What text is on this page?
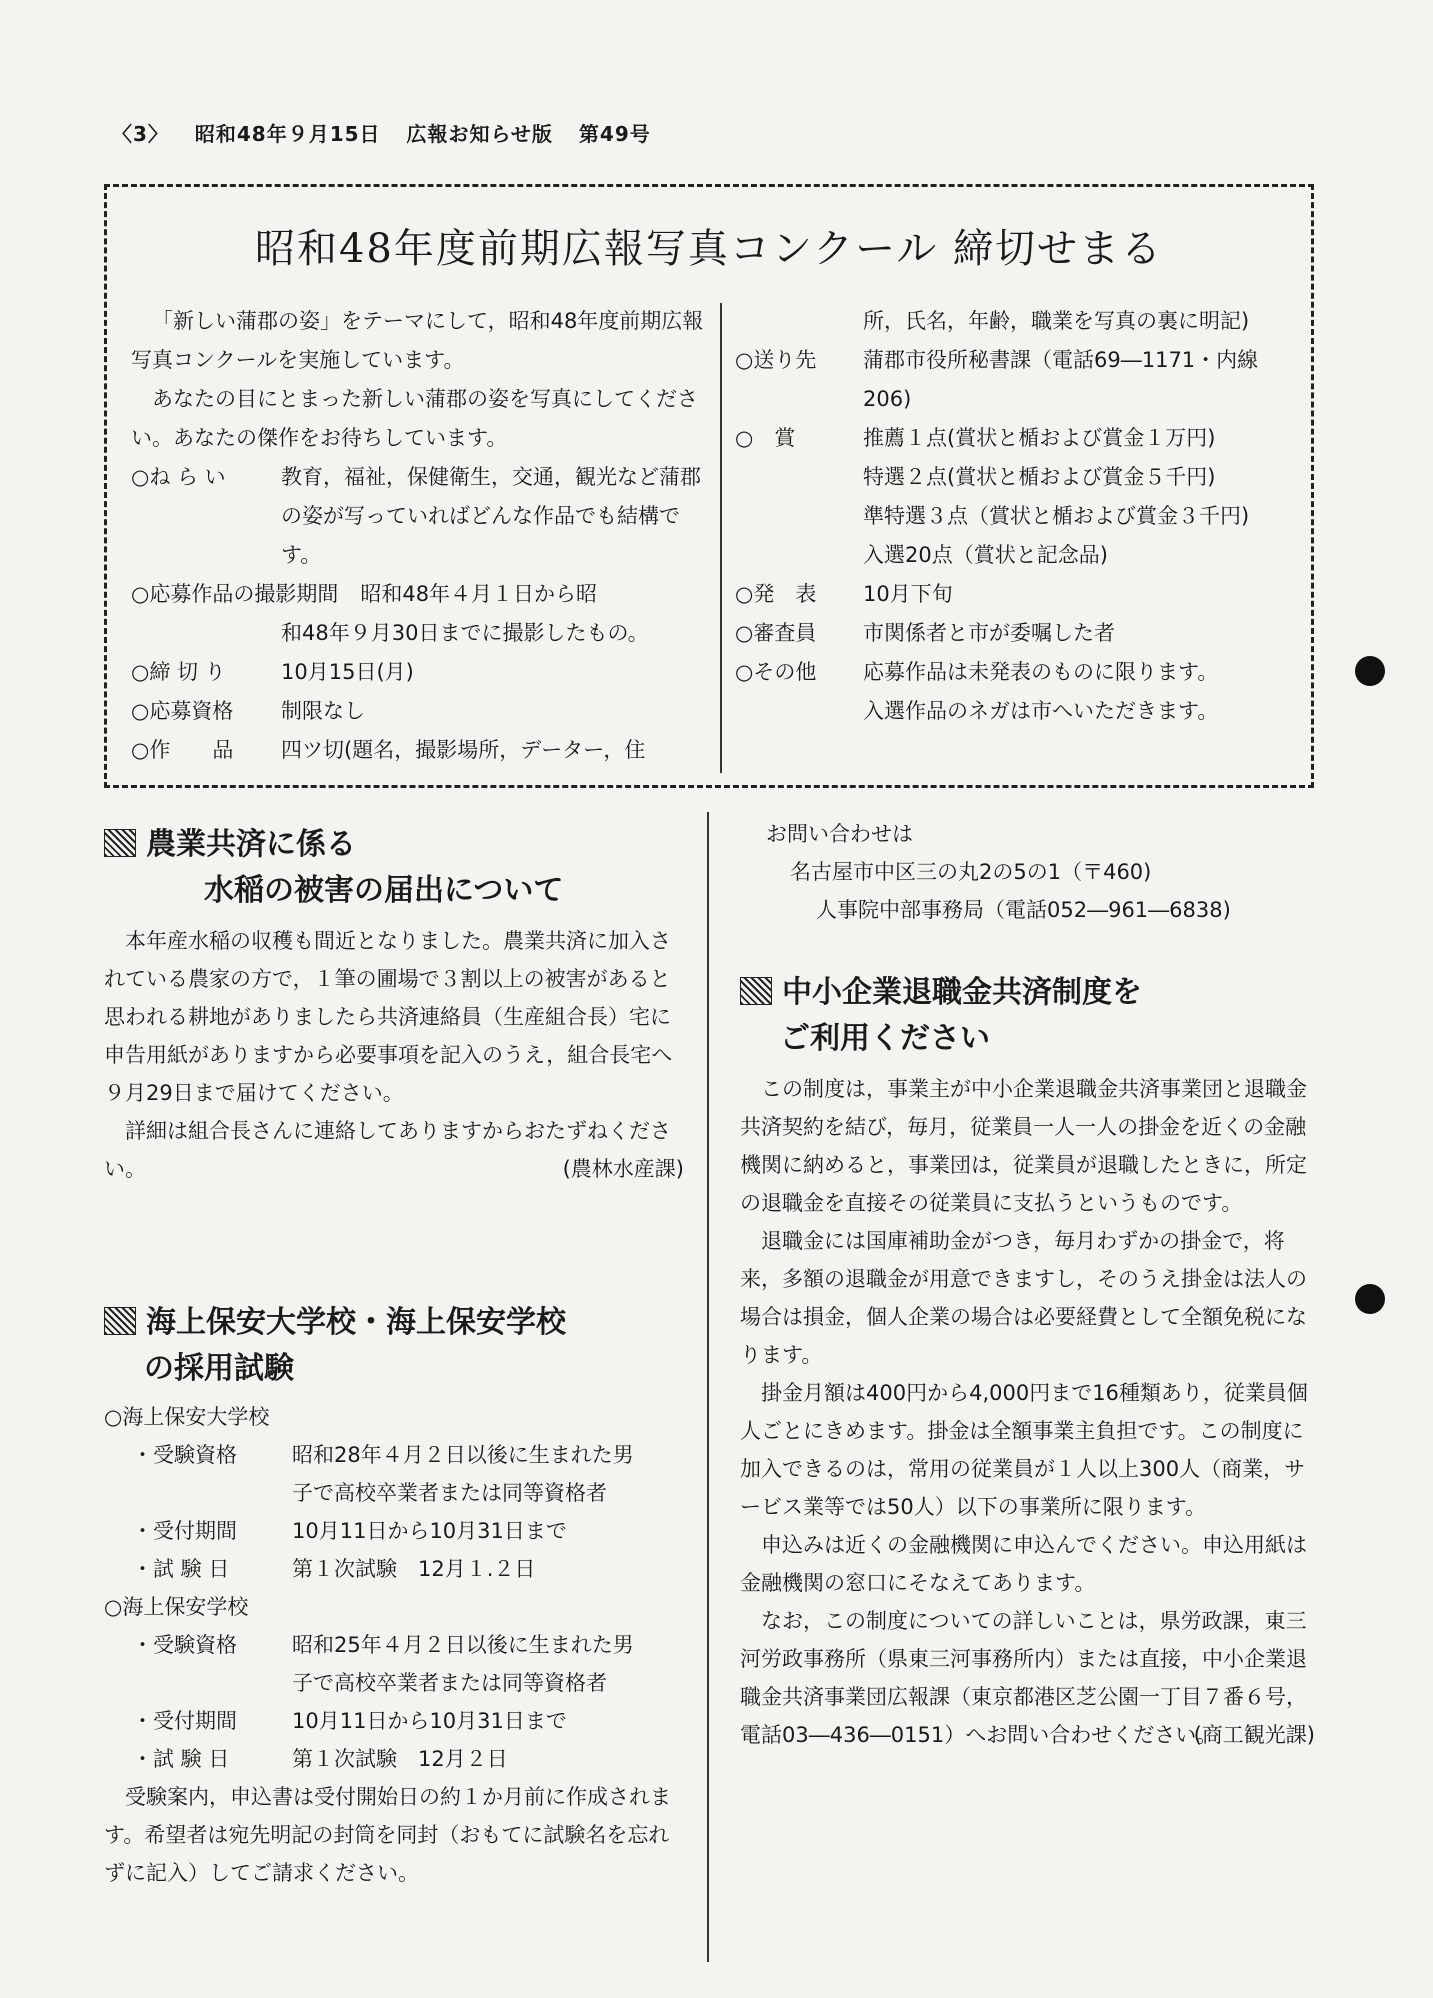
〈3〉 昭和48年９月15日 広報お知らせ版 第49号
昭和48年度前期広報写真コンクール 締切せまる

「新しい蒲郡の姿」をテーマにして，昭和48年度前期広報写真コンクールを実施しています。

あなたの目にとまった新しい蒲郡の姿を写真にしてください。あなたの傑作をお待ちしています。

○ね ら い	教育，福祉，保健衛生，交通，観光など蒲郡の姿が写っていればどんな作品でも結構です。
○応募作品の撮影期間	昭和48年４月１日から昭
和48年９月30日までに撮影したもの。
○締 切 り	10月15日(月)
○応募資格	制限なし
○作　　品	四ツ切(題名，撮影場所，データー，住
所，氏名，年齢，職業を写真の裏に明記)
○送り先	蒲郡市役所秘書課（電話69―1171・内線206)
○　賞	推薦１点(賞状と楯および賞金１万円)
特選２点(賞状と楯および賞金５千円)
準特選３点（賞状と楯および賞金３千円)
入選20点（賞状と記念品)
○発　表	10月下旬
○審査員	市関係者と市が委嘱した者
○その他	応募作品は未発表のものに限ります。
入選作品のネガは市へいただきます。
農業共済に係る
水稲の被害の届出について

本年産水稲の収穫も間近となりました。農業共済に加入されている農家の方で，１筆の圃場で３割以上の被害があると思われる耕地がありましたら共済連絡員（生産組合長）宅に申告用紙がありますから必要事項を記入のうえ，組合長宅へ９月29日まで届けてください。

詳細は組合長さんに連絡してありますからおたずねください。	(農林水産課)
海上保安大学校・海上保安学校
の採用試験
○海上保安大学校
・受験資格	昭和28年４月２日以後に生まれた男
子で高校卒業者または同等資格者
・受付期間	10月11日から10月31日まで
・試 験 日	第１次試験　12月１.２日
○海上保安学校
・受験資格	昭和25年４月２日以後に生まれた男
子で高校卒業者または同等資格者
・受付期間	10月11日から10月31日まで
・試 験 日	第１次試験　12月２日

受験案内，申込書は受付開始日の約１か月前に作成されます。希望者は宛先明記の封筒を同封（おもてに試験名を忘れずに記入）してご請求ください。

お問い合わせは
名古屋市中区三の丸2の5の1（〒460)
人事院中部事務局（電話052―961―6838)
中小企業退職金共済制度を
ご利用ください

この制度は，事業主が中小企業退職金共済事業団と退職金共済契約を結び，毎月，従業員一人一人の掛金を近くの金融機関に納めると，事業団は，従業員が退職したときに，所定の退職金を直接その従業員に支払うというものです。

退職金には国庫補助金がつき，毎月わずかの掛金で，将来，多額の退職金が用意できますし，そのうえ掛金は法人の場合は損金，個人企業の場合は必要経費として全額免税になります。

掛金月額は400円から4,000円まで16種類あり，従業員個人ごとにきめます。掛金は全額事業主負担です。この制度に加入できるのは，常用の従業員が１人以上300人（商業，サービス業等では50人）以下の事業所に限ります。

申込みは近くの金融機関に申込んでください。申込用紙は金融機関の窓口にそなえてあります。

なお，この制度についての詳しいことは，県労政課，東三河労政事務所（県東三河事務所内）または直接，中小企業退職金共済事業団広報課（東京都港区芝公園一丁目７番６号，電話03―436―0151）へお問い合わせください。

(商工観光課)
